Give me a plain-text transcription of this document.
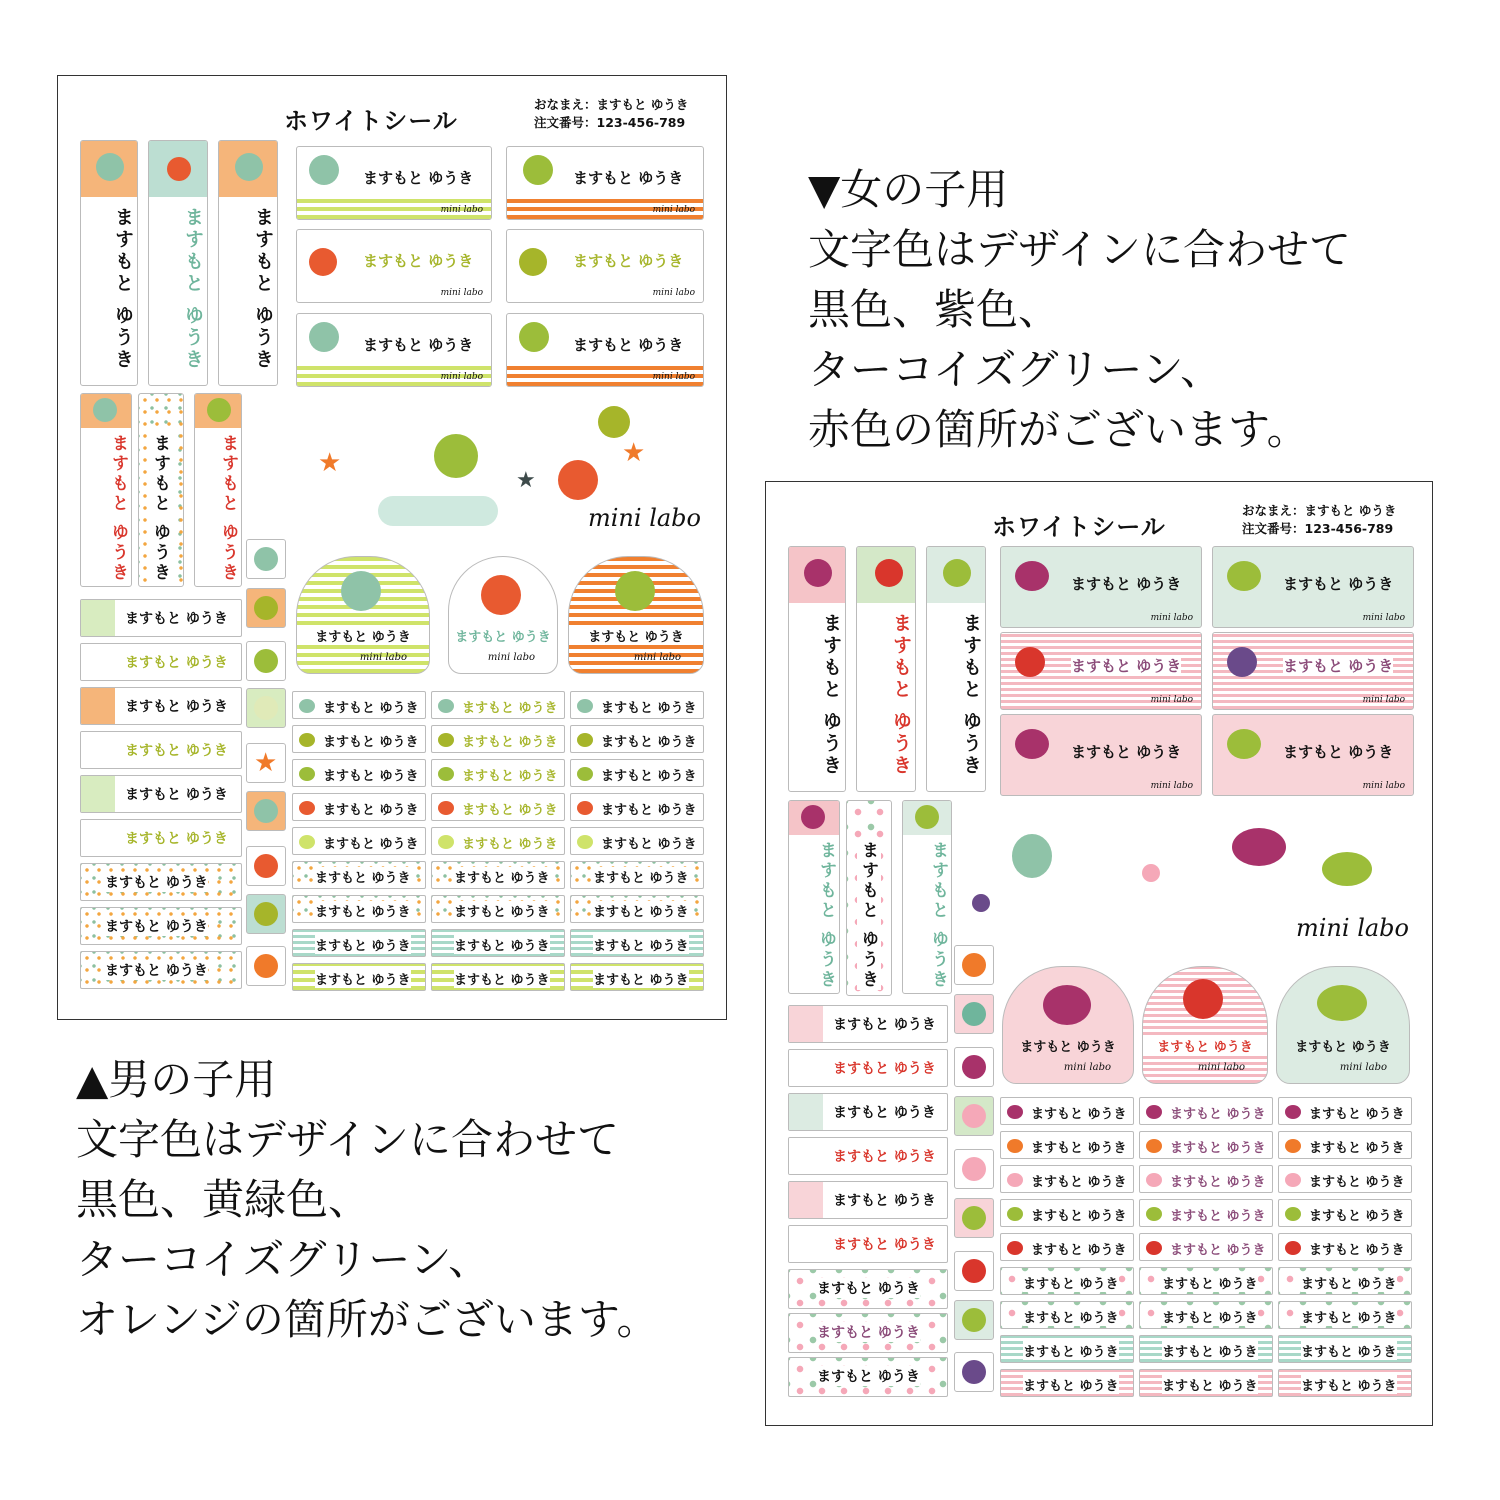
ホワイトシール
おなまえ：ますもと ゆうき
注文番号：123-456-789
ますもと ゆうき	ますもと ゆうき	ますもと ゆうき
ますもと ゆうき
mini labo
ますもと ゆうき
mini labo
ますもと ゆうき
mini labo
ますもと ゆうき
mini labo
ますもと ゆうき
mini labo
ますもと ゆうき
mini labo
ますもと ゆうき ますもと ゆうき	ますもと ゆうき	★	★
★
mini labo
ますもと ゆうき
mini labo
ますもと ゆうき
mini labo
ますもと ゆうき
mini labo
★
ますもと ゆうき
ますもと ゆうき
ますもと ゆうき
ますもと ゆうき
ますもと ゆうき
ますもと ゆうき
ますもと ゆうき
ますもと ゆうき
ますもと ゆうき
ますもと ゆうき	ますもと ゆうき	ますもと ゆうき
ますもと ゆうき	ますもと ゆうき	ますもと ゆうき
ますもと ゆうき	ますもと ゆうき	ますもと ゆうき
ますもと ゆうき	ますもと ゆうき	ますもと ゆうき
ますもと ゆうき	ますもと ゆうき	ますもと ゆうき
ますもと ゆうき	ますもと ゆうき	ますもと ゆうき
ますもと ゆうき	ますもと ゆうき	ますもと ゆうき
ますもと ゆうき	ますもと ゆうき	ますもと ゆうき
ますもと ゆうき	ますもと ゆうき	ますもと ゆうき
ホワイトシール
おなまえ：ますもと ゆうき
注文番号：123-456-789
ますもと ゆうき	ますもと ゆうき	ますもと ゆうき
ますもと ゆうき
mini labo
ますもと ゆうき
mini labo
ますもと ゆうき
mini labo
ますもと ゆうき
mini labo
ますもと ゆうき
mini labo
ますもと ゆうき
mini labo
ますもと ゆうき ますもと ゆうき	ますもと ゆうき	mini labo
ますもと ゆうき
mini labo
ますもと ゆうき
mini labo
ますもと ゆうき
mini labo
ますもと ゆうき
ますもと ゆうき
ますもと ゆうき
ますもと ゆうき
ますもと ゆうき
ますもと ゆうき
ますもと ゆうき
ますもと ゆうき
ますもと ゆうき
ますもと ゆうき	ますもと ゆうき	ますもと ゆうき
ますもと ゆうき	ますもと ゆうき	ますもと ゆうき
ますもと ゆうき	ますもと ゆうき	ますもと ゆうき
ますもと ゆうき	ますもと ゆうき	ますもと ゆうき
ますもと ゆうき	ますもと ゆうき	ますもと ゆうき
ますもと ゆうき	ますもと ゆうき	ますもと ゆうき
ますもと ゆうき	ますもと ゆうき	ますもと ゆうき
ますもと ゆうき	ますもと ゆうき	ますもと ゆうき
ますもと ゆうき	ますもと ゆうき	ますもと ゆうき
▼女の子用
文字色はデザインに合わせて
黒色、紫色、
ターコイズグリーン、
赤色の箇所がございます。
▲男の子用
文字色はデザインに合わせて
黒色、黄緑色、
ターコイズグリーン、
オレンジの箇所がございます。
